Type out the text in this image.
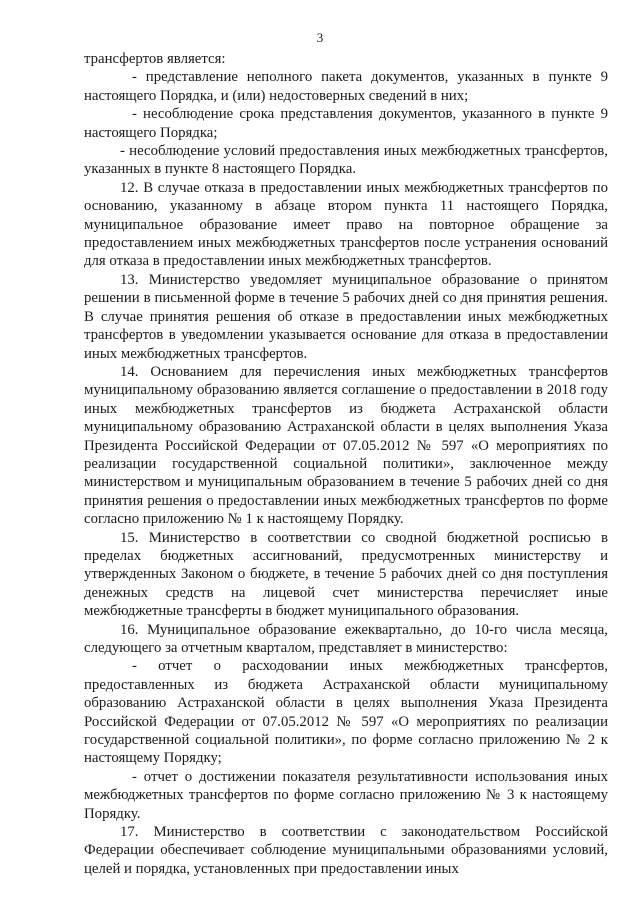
3

трансфертов является:

- представление неполного пакета документов, указанных в пункте 9 настоящего Порядка, и (или) недостоверных сведений в них;

- несоблюдение срока представления документов, указанного в пункте 9 настоящего Порядка;

- несоблюдение условий предоставления иных межбюджетных трансфертов, указанных в пункте 8 настоящего Порядка.

12. В случае отказа в предоставлении иных межбюджетных трансфертов по основанию, указанному в абзаце втором пункта 11 настоящего Порядка, муниципальное образование имеет право на повторное обращение за предоставлением иных межбюджетных трансфертов после устранения оснований для отказа в предоставлении иных межбюджетных трансфертов.

13. Министерство уведомляет муниципальное образование о принятом решении в письменной форме в течение 5 рабочих дней со дня принятия решения. В случае принятия решения об отказе в предоставлении иных межбюджетных трансфертов в уведомлении указывается основание для отказа в предоставлении иных межбюджетных трансфертов.

14. Основанием для перечисления иных межбюджетных трансфертов муниципальному образованию является соглашение о предоставлении в 2018 году иных межбюджетных трансфертов из бюджета Астраханской области муниципальному образованию Астраханской области в целях выполнения Указа Президента Российской Федерации от 07.05.2012 № 597 «О мероприятиях по реализации государственной социальной политики», заключенное между министерством и муниципальным образованием в течение 5 рабочих дней со дня принятия решения о предоставлении иных межбюджетных трансфертов по форме согласно приложению № 1 к настоящему Порядку.

15. Министерство в соответствии со сводной бюджетной росписью в пределах бюджетных ассигнований, предусмотренных министерству и утвержденных Законом о бюджете, в течение 5 рабочих дней со дня поступления денежных средств на лицевой счет министерства перечисляет иные межбюджетные трансферты в бюджет муниципального образования.

16. Муниципальное образование ежеквартально, до 10-го числа месяца, следующего за отчетным кварталом, представляет в министерство:

- отчет о расходовании иных межбюджетных трансфертов, предоставленных из бюджета Астраханской области муниципальному образованию Астраханской области в целях выполнения Указа Президента Российской Федерации от 07.05.2012 № 597 «О мероприятиях по реализации государственной социальной политики», по форме согласно приложению № 2 к настоящему Порядку;

- отчет о достижении показателя результативности использования иных межбюджетных трансфертов по форме согласно приложению № 3 к настоящему Порядку.

17. Министерство в соответствии с законодательством Российской Федерации обеспечивает соблюдение муниципальными образованиями условий, целей и порядка, установленных при предоставлении иных
